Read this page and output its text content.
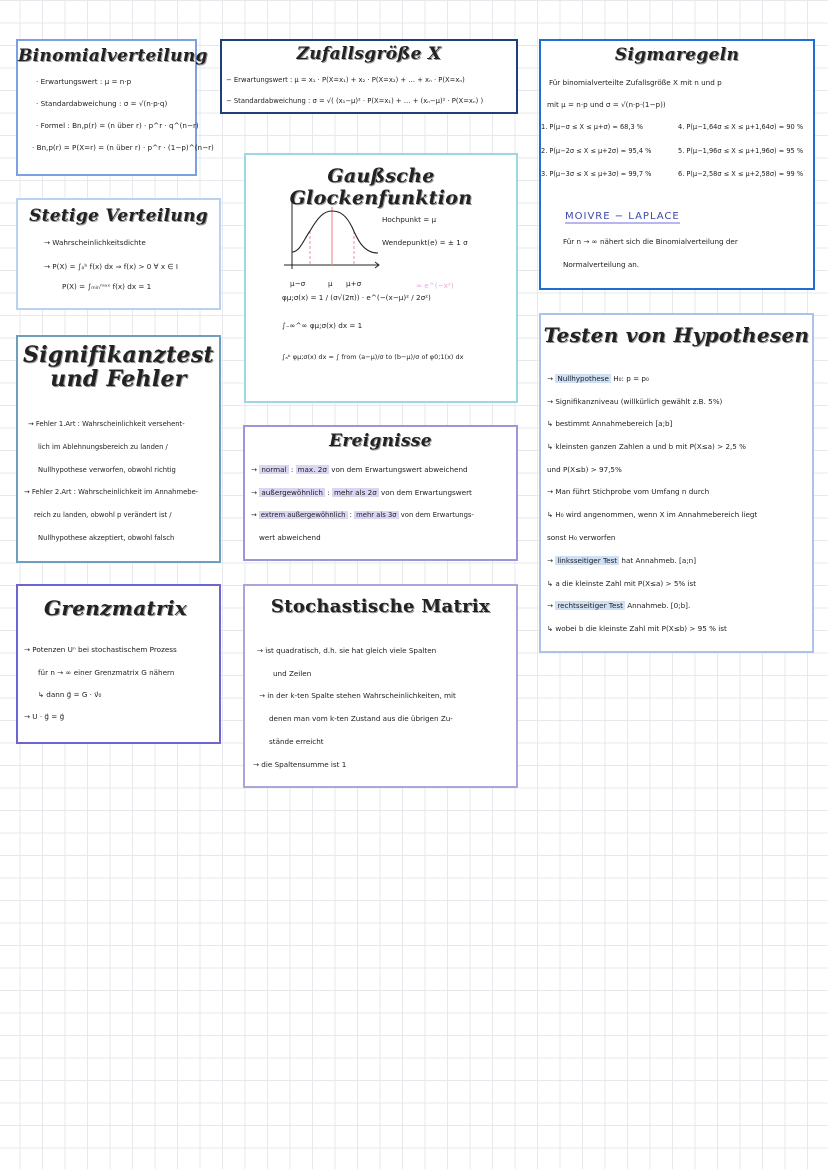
Binomialverteilung
· Erwartungswert : μ = n·p
· Standardabweichung : σ = √(n·p·q)
· Formel : Bn,p(r) = (n über r) · p^r · q^(n−r)
· Bn,p(r) = P(X=r) = (n über r) · p^r · (1−p)^(n−r)
Zufallsgröße X
− Erwartungswert : μ = x₁ · P(X=x₁) + x₂ · P(X=x₂) + … + xₙ · P(X=xₙ)
− Standardabweichung : σ = √( (x₁−μ)² · P(X=x₁) + … + (xₙ−μ)² · P(X=xₙ) )
Sigmaregeln
Für binomialverteilte Zufallsgröße X mit n und p
mit μ = n·p und σ = √(n·p·(1−p))
1. P(μ−σ ≤ X ≤ μ+σ) ≈ 68,3 %
2. P(μ−2σ ≤ X ≤ μ+2σ) ≈ 95,4 %
3. P(μ−3σ ≤ X ≤ μ+3σ) ≈ 99,7 %
4. P(μ−1,64σ ≤ X ≤ μ+1,64σ) ≈ 90 %
5. P(μ−1,96σ ≤ X ≤ μ+1,96σ) ≈ 95 %
6. P(μ−2,58σ ≤ X ≤ μ+2,58σ) ≈ 99 %
MOIVRE − LAPLACE
Für n → ∞ nähert sich die Binomialverteilung der
Normalverteilung an.
Stetige Verteilung
→ Wahrscheinlichkeitsdichte
→ P(X) = ∫ₐᵇ f(x) dx ⇒ f(x) > 0 ∀ x ∈ I
P(X) = ∫ₘᵢₙᵐᵃˣ f(x) dx = 1
Gaußsche Glockenfunktion
μ−σ	μ μ+σ
Hochpunkt = μ
Wendepunkt(e) = ± 1 σ
φμ;σ(x) = 1 / (σ√(2π)) · e^(−(x−μ)² / 2σ²)
≈ e^(−x²)
∫₋∞^∞ φμ;σ(x) dx = 1
∫ₐᵇ φμ;σ(x) dx = ∫ from (a−μ)/σ to (b−μ)/σ of φ0;1(x) dx
Signifikanztest
und Fehler
→ Fehler 1.Art : Wahrscheinlichkeit versehent-
lich im Ablehnungsbereich zu landen /
Nullhypothese verworfen, obwohl richtig
→ Fehler 2.Art : Wahrscheinlichkeit im Annahmebe-
reich zu landen, obwohl p verändert ist /
Nullhypothese akzeptiert, obwohl falsch
Ereignisse
→ normal : max. 2σ von dem Erwartungswert abweichend
→ außergewöhnlich : mehr als 2σ von dem Erwartungswert
→ extrem außergewöhnlich : mehr als 3σ von dem Erwartungs-
wert abweichend
Testen von Hypothesen
→ Nullhypothese H₀: p = p₀
→ Signifikanzniveau (willkürlich gewählt z.B. 5%)
↳ bestimmt Annahmebereich [a;b]
↳ kleinsten ganzen Zahlen a und b mit P(X≤a) > 2,5 %
und P(X≤b) > 97,5%
→ Man führt Stichprobe vom Umfang n durch
↳ H₀ wird angenommen, wenn X im Annahmebereich liegt
sonst H₀ verworfen
→ linksseitiger Test hat Annahmeb. [a;n]
↳ a die kleinste Zahl mit P(X≤a) > 5% ist
→ rechtsseitiger Test Annahmeb. [0;b].
↳ wobei b die kleinste Zahl mit P(X≤b) > 95 % ist
Grenzmatrix
→ Potenzen Uⁿ bei stochastischem Prozess
für n → ∞ einer Grenzmatrix G nähern
↳ dann g⃗ = G · v⃗₀
→ U · g⃗ = g⃗
Stochastische Matrix
→ ist quadratisch, d.h. sie hat gleich viele Spalten
und Zeilen
→ in der k-ten Spalte stehen Wahrscheinlichkeiten, mit
denen man vom k-ten Zustand aus die übrigen Zu-
stände erreicht
→ die Spaltensumme ist 1
